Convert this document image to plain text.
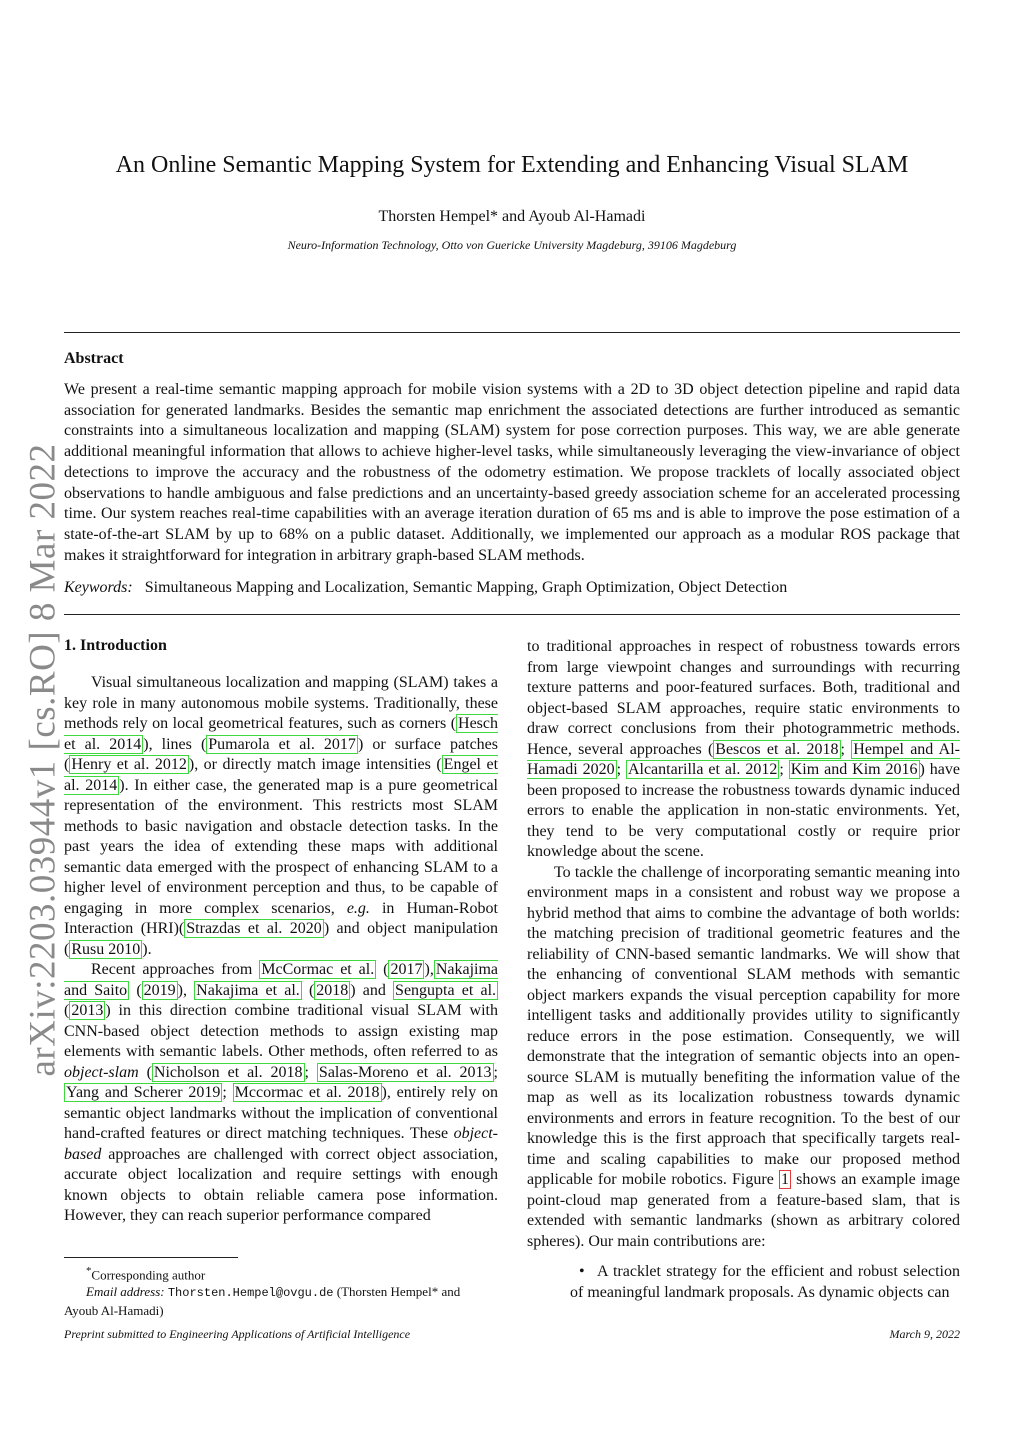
arXiv:2203.03944v1 [cs.RO] 8 Mar 2022
An Online Semantic Mapping System for Extending and Enhancing Visual SLAM
Thorsten Hempel* and Ayoub Al-Hamadi
Neuro-Information Technology, Otto von Guericke University Magdeburg, 39106 Magdeburg
Abstract
We present a real-time semantic mapping approach for mobile vision systems with a 2D to 3D object detection pipeline and rapid data association for generated landmarks. Besides the semantic map enrichment the associated detections are further introduced as semantic constraints into a simultaneous localization and mapping (SLAM) system for pose correction purposes. This way, we are able generate additional meaningful information that allows to achieve higher-level tasks, while simultaneously leveraging the view-invariance of object detections to improve the accuracy and the robustness of the odometry estimation. We propose tracklets of locally associated object observations to handle ambiguous and false predictions and an uncertainty-based greedy association scheme for an accelerated processing time. Our system reaches real-time capabilities with an average iteration duration of 65 ms and is able to improve the pose estimation of a state-of-the-art SLAM by up to 68% on a public dataset. Additionally, we implemented our approach as a modular ROS package that makes it straightforward for integration in arbitrary graph-based SLAM methods.
Keywords: Simultaneous Mapping and Localization, Semantic Mapping, Graph Optimization, Object Detection
1. Introduction

Visual simultaneous localization and mapping (SLAM) takes a key role in many autonomous mobile systems. Traditionally, these methods rely on local geometrical features, such as corners ( Hesch et al. 2014 ), lines ( Pumarola et al. 2017 ) or surface patches ( Henry et al. 2012 ), or directly match image intensities ( Engel et al. 2014 ). In either case, the generated map is a pure geometrical representation of the environment. This restricts most SLAM methods to basic navigation and obstacle detection tasks. In the past years the idea of extending these maps with additional semantic data emerged with the prospect of enhancing SLAM to a higher level of environment perception and thus, to be capable of engaging in more complex scenarios, e.g. in Human-Robot Interaction (HRI)( Strazdas et al. 2020 ) and object manipulation ( Rusu 2010 ).

Recent approaches from McCormac et al. ( 2017 ), Nakajima and Saito ( 2019 ), Nakajima et al. ( 2018 ) and Sengupta et al. ( 2013 ) in this direction combine traditional visual SLAM with CNN-based object detection methods to assign existing map elements with semantic labels. Other methods, often referred to as object-slam ( Nicholson et al. 2018 ; Salas-Moreno et al. 2013 ; Yang and Scherer 2019 ; Mccormac et al. 2018 ), entirely rely on semantic object landmarks without the implication of conventional hand-crafted features or direct matching techniques. These object-based approaches are challenged with correct object association, accurate object localization and require settings with enough known objects to obtain reliable camera pose information. However, they can reach superior performance compared

to traditional approaches in respect of robustness towards errors from large viewpoint changes and surroundings with recurring texture patterns and poor-featured surfaces. Both, traditional and object-based SLAM approaches, require static environments to draw correct conclusions from their photogrammetric methods. Hence, several approaches ( Bescos et al. 2018 ; Hempel and Al-Hamadi 2020 ; Alcantarilla et al. 2012 ; Kim and Kim 2016 ) have been proposed to increase the robustness towards dynamic induced errors to enable the application in non-static environments. Yet, they tend to be very computational costly or require prior knowledge about the scene.

To tackle the challenge of incorporating semantic meaning into environment maps in a consistent and robust way we propose a hybrid method that aims to combine the advantage of both worlds: the matching precision of traditional geometric features and the reliability of CNN-based semantic landmarks. We will show that the enhancing of conventional SLAM methods with semantic object markers expands the visual perception capability for more intelligent tasks and additionally provides utility to significantly reduce errors in the pose estimation. Consequently, we will demonstrate that the integration of semantic objects into an open-source SLAM is mutually benefiting the information value of the map as well as its localization robustness towards dynamic environments and errors in feature recognition. To the best of our knowledge this is the first approach that specifically targets real-time and scaling capabilities to make our proposed method applicable for mobile robotics. Figure 1 shows an example image point-cloud map generated from a feature-based slam, that is extended with semantic landmarks (shown as arbitrary colored spheres). Our main contributions are:

• A tracklet strategy for the efficient and robust selection of meaningful landmark proposals. As dynamic objects can

*Corresponding author
Email address: Thorsten.Hempel@ovgu.de (Thorsten Hempel* and Ayoub Al-Hamadi)
Preprint submitted to Engineering Applications of Artificial Intelligence	March 9, 2022
